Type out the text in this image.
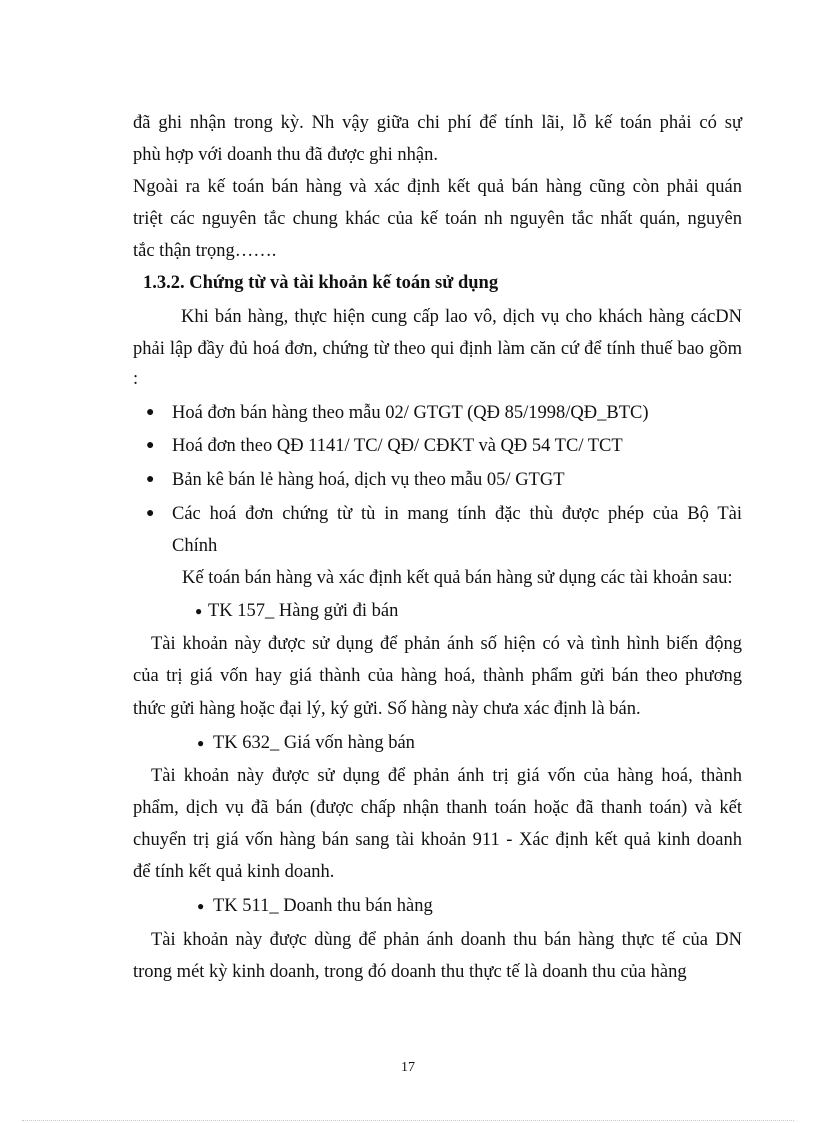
đã ghi nhận trong kỳ. Nh vậy giữa chi phí để tính lãi, lỗ kế toán phải có sự
phù hợp với doanh thu đã được ghi nhận.
Ngoài ra kế toán bán hàng và xác định kết quả bán hàng cũng còn phải quán
triệt các nguyên tắc chung khác của kế toán nh nguyên tắc nhất quán, nguyên
tắc thận trọng…….
1.3.2. Chứng từ và tài khoản kế toán sử dụng
Khi bán hàng, thực hiện cung cấp lao vô, dịch vụ cho khách hàng cácDN
phải lập đầy đủ hoá đơn, chứng từ theo qui định làm căn cứ để tính thuế bao gồm
:
● Hoá đơn bán hàng theo mẫu 02/ GTGT (QĐ 85/1998/QĐ_BTC)
● Hoá đơn theo QĐ 1141/ TC/ QĐ/ CĐKT và QĐ 54 TC/ TCT
● Bản kê bán lẻ hàng hoá, dịch vụ theo mẫu 05/ GTGT
● Các hoá đơn chứng từ tù in mang tính đặc thù được phép của Bộ Tài
Chính
Kế toán bán hàng và xác định kết quả bán hàng sử dụng các tài khoản sau:
● TK 157_ Hàng gửi đi bán
Tài khoản này được sử dụng để phản ánh số hiện có và tình hình biến động
của trị giá vốn hay giá thành của hàng hoá, thành phẩm gửi bán theo phương
thức gửi hàng hoặc đại lý, ký gửi. Số hàng này chưa xác định là bán.
● TK 632_ Giá vốn hàng bán
Tài khoản này được sử dụng để phản ánh trị giá vốn của hàng hoá, thành
phẩm, dịch vụ đã bán (được chấp nhận thanh toán hoặc đã thanh toán) và kết
chuyển trị giá vốn hàng bán sang tài khoản 911 - Xác định kết quả kinh doanh
để tính kết quả kinh doanh.
● TK 511_ Doanh thu bán hàng
Tài khoản này được dùng để phản ánh doanh thu bán hàng thực tế của DN
trong mét kỳ kinh doanh, trong đó doanh thu thực tế là doanh thu của hàng
17
